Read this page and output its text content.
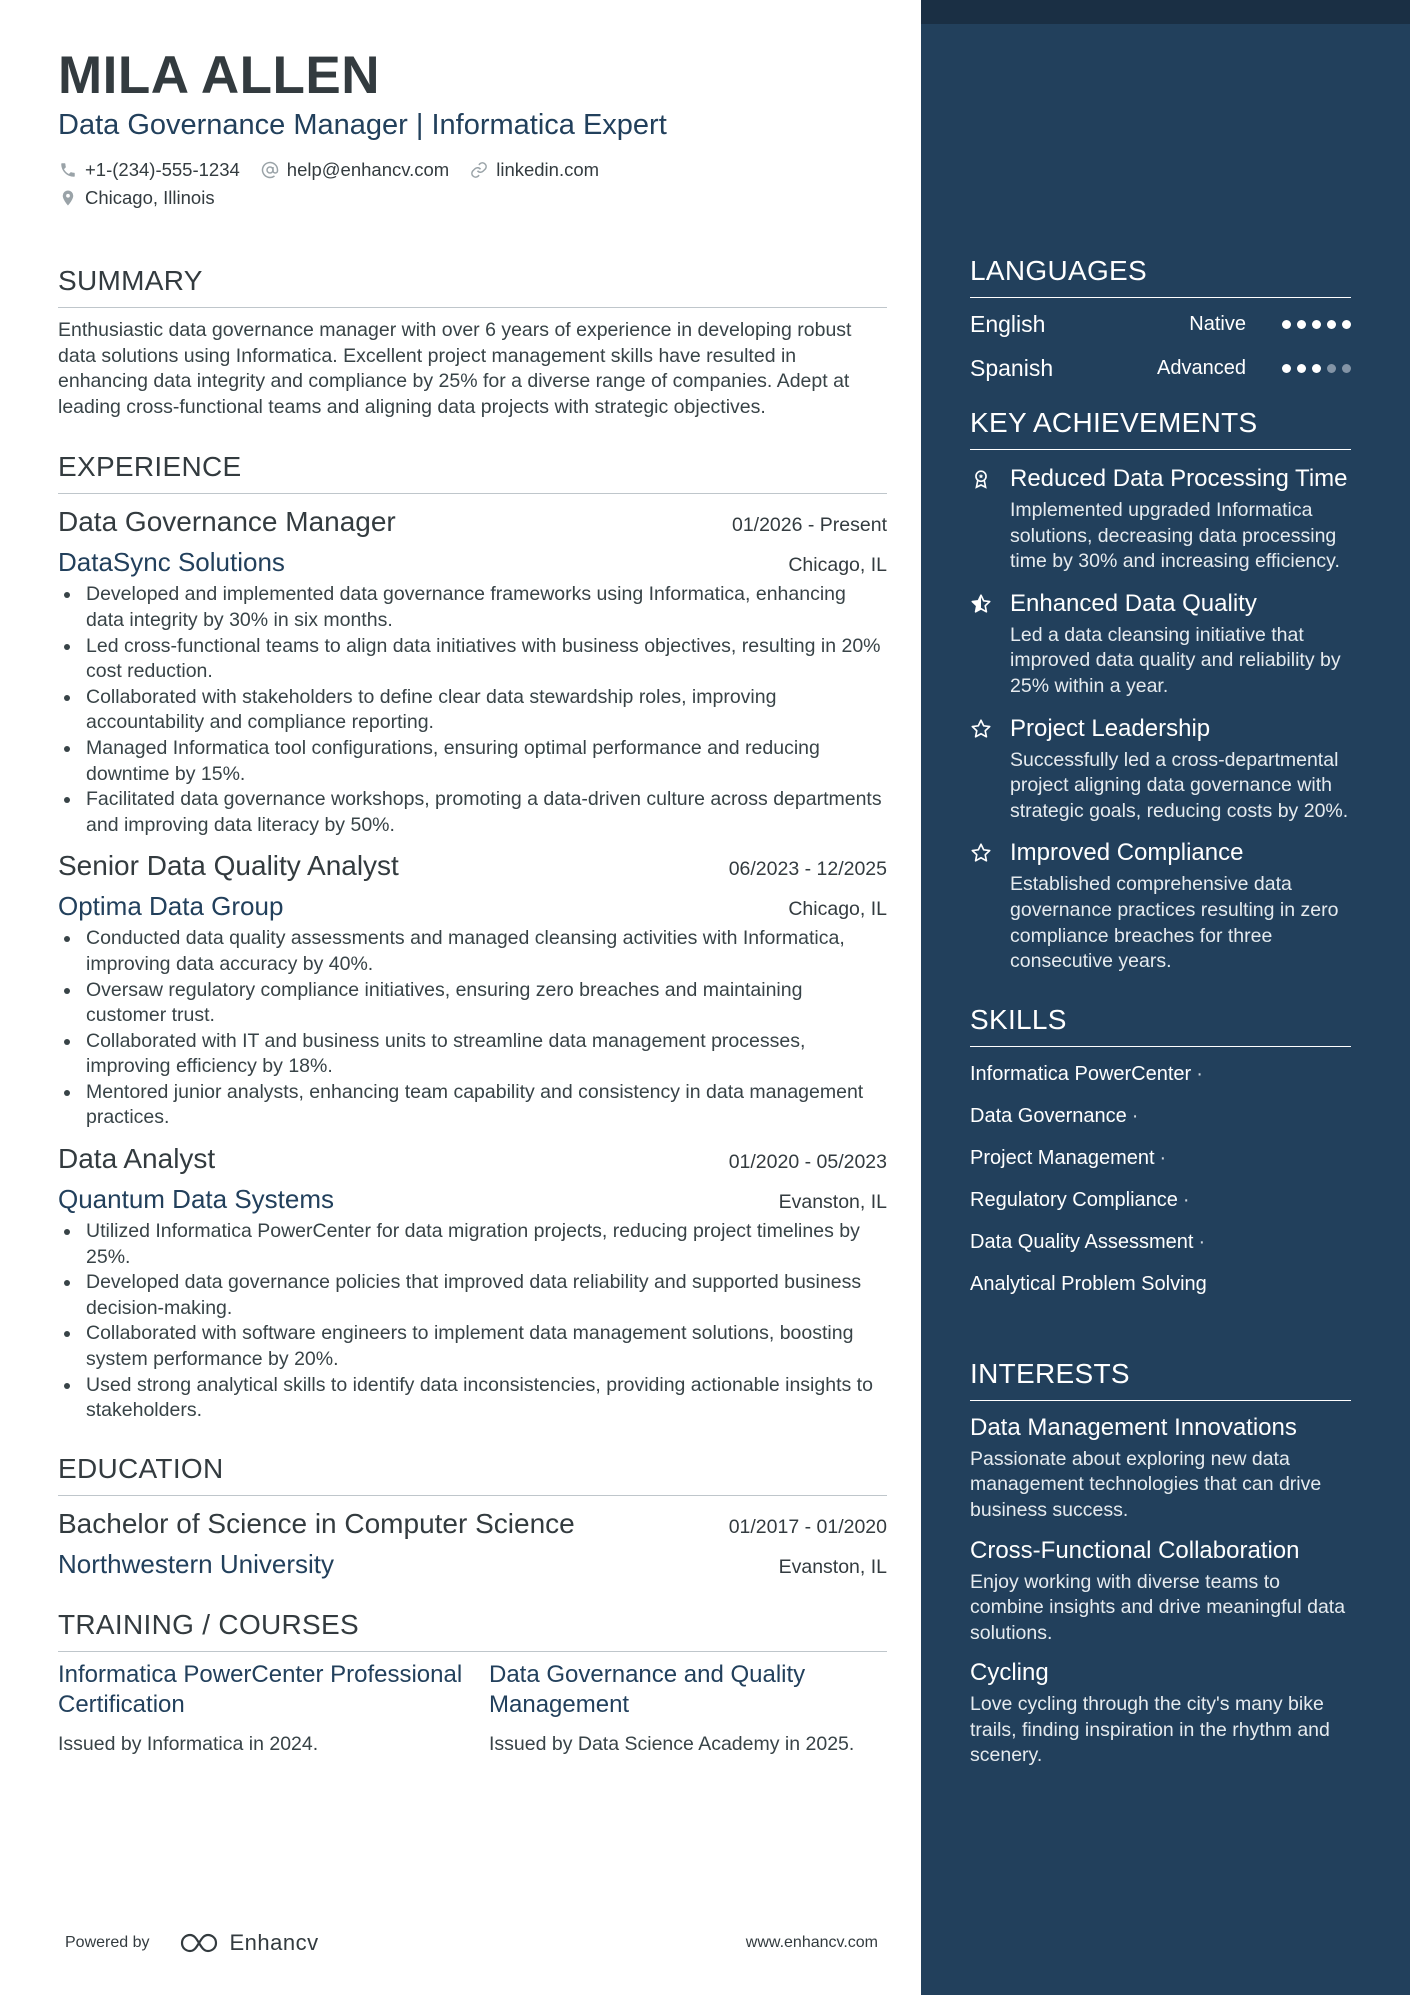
MILA ALLEN
Data Governance Manager | Informatica Expert
+1-(234)-555-1234	help@enhancv.com	linkedin.com
Chicago, Illinois
SUMMARY
Enthusiastic data governance manager with over 6 years of experience in developing robust data solutions using Informatica. Excellent project management skills have resulted in enhancing data integrity and compliance by 25% for a diverse range of companies. Adept at leading cross-functional teams and aligning data projects with strategic objectives.
EXPERIENCE
Data Governance Manager	01/2026 - Present
DataSync Solutions	Chicago, IL
Developed and implemented data governance frameworks using Informatica, enhancing data integrity by 30% in six months.
Led cross-functional teams to align data initiatives with business objectives, resulting in 20% cost reduction.
Collaborated with stakeholders to define clear data stewardship roles, improving accountability and compliance reporting.
Managed Informatica tool configurations, ensuring optimal performance and reducing downtime by 15%.
Facilitated data governance workshops, promoting a data-driven culture across departments and improving data literacy by 50%.
Senior Data Quality Analyst	06/2023 - 12/2025
Optima Data Group	Chicago, IL
Conducted data quality assessments and managed cleansing activities with Informatica, improving data accuracy by 40%.
Oversaw regulatory compliance initiatives, ensuring zero breaches and maintaining customer trust.
Collaborated with IT and business units to streamline data management processes, improving efficiency by 18%.
Mentored junior analysts, enhancing team capability and consistency in data management practices.
Data Analyst	01/2020 - 05/2023
Quantum Data Systems	Evanston, IL
Utilized Informatica PowerCenter for data migration projects, reducing project timelines by 25%.
Developed data governance policies that improved data reliability and supported business decision-making.
Collaborated with software engineers to implement data management solutions, boosting system performance by 20%.
Used strong analytical skills to identify data inconsistencies, providing actionable insights to stakeholders.
EDUCATION
Bachelor of Science in Computer Science	01/2017 - 01/2020
Northwestern University	Evanston, IL
TRAINING / COURSES
Informatica PowerCenter Professional Certification
Issued by Informatica in 2024.
Data Governance and Quality Management
Issued by Data Science Academy in 2025.
Powered by	Enhancv	www.enhancv.com
LANGUAGES
English	Native
Spanish	Advanced
KEY ACHIEVEMENTS
Reduced Data Processing Time
Implemented upgraded Informatica solutions, decreasing data processing time by 30% and increasing efficiency.
Enhanced Data Quality
Led a data cleansing initiative that improved data quality and reliability by 25% within a year.
Project Leadership
Successfully led a cross-departmental project aligning data governance with strategic goals, reducing costs by 20%.
Improved Compliance
Established comprehensive data governance practices resulting in zero compliance breaches for three consecutive years.
SKILLS
Informatica PowerCenter ·
Data Governance ·
Project Management ·
Regulatory Compliance ·
Data Quality Assessment ·
Analytical Problem Solving
INTERESTS
Data Management Innovations
Passionate about exploring new data management technologies that can drive business success.
Cross-Functional Collaboration
Enjoy working with diverse teams to combine insights and drive meaningful data solutions.
Cycling
Love cycling through the city's many bike trails, finding inspiration in the rhythm and scenery.
